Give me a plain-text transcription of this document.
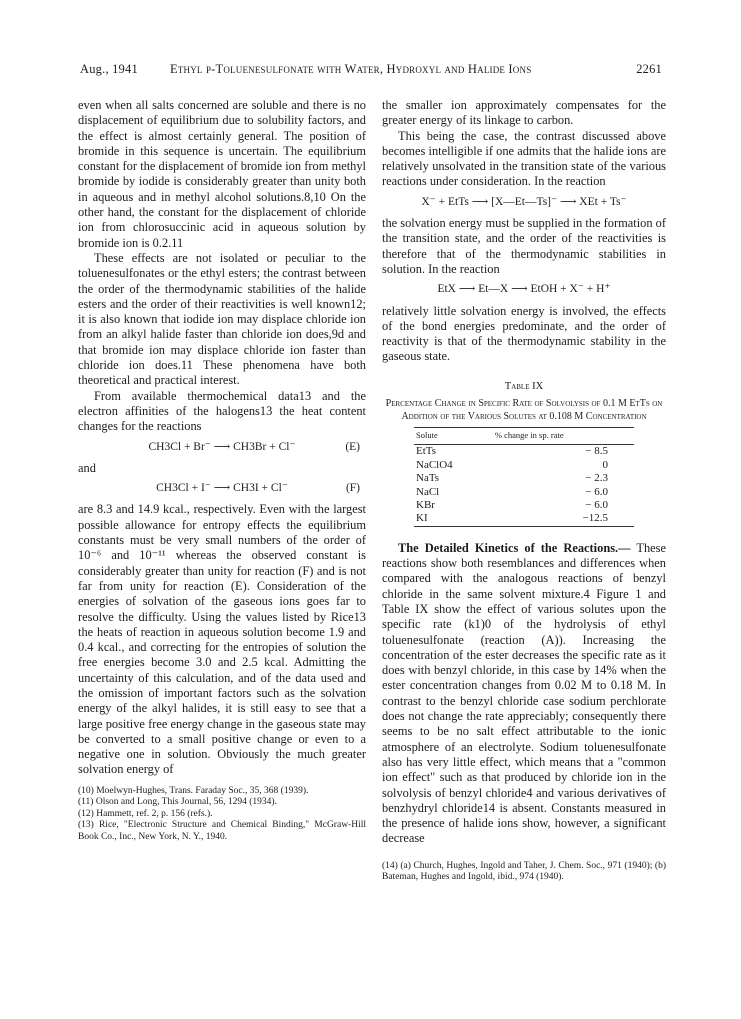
Aug., 1941	Ethyl p-Toluenesulfonate with Water, Hydroxyl and Halide Ions	2261

even when all salts concerned are soluble and there is no displacement of equilibrium due to solubility factors, and the effect is almost certainly general. The position of bromide in this sequence is uncertain. The equilibrium constant for the displacement of bromide ion from methyl bromide by iodide is considerably greater than unity both in aqueous and in methyl alcohol solutions.8,10 On the other hand, the constant for the displacement of chloride ion from chlorosuccinic acid in aqueous solution by bromide ion is 0.2.11

These effects are not isolated or peculiar to the toluenesulfonates or the ethyl esters; the contrast between the order of the thermodynamic stabilities of the halide esters and the order of their reactivities is well known12; it is also known that iodide ion may displace chloride ion from an alkyl halide faster than chloride ion does,9d and that bromide ion may displace chloride ion faster than chloride ion does.11 These phenomena have both theoretical and practical interest.

From available thermochemical data13 and the electron affinities of the halogens13 the heat content changes for the reactions

CH3Cl + Br⁻ ⟶ CH3Br + Cl⁻	(E)

and

CH3Cl + I⁻ ⟶ CH3I + Cl⁻	(F)

are 8.3 and 14.9 kcal., respectively. Even with the largest possible allowance for entropy effects the equilibrium constants must be very small numbers of the order of 10⁻⁶ and 10⁻¹¹ whereas the observed constant is considerably greater than unity for reaction (F) and is not far from unity for reaction (E). Consideration of the energies of solvation of the gaseous ions goes far to resolve the difficulty. Using the values listed by Rice13 the heats of reaction in aqueous solution become 1.9 and 0.4 kcal., and correcting for the entropies of solution the free energies become 3.0 and 2.5 kcal. Admitting the uncertainty of this calculation, and of the data used and the omission of important factors such as the solvation energy of the alkyl halides, it is still easy to see that a large positive free energy change in the gaseous state may be converted to a small positive change or even to a negative one in solution. Obviously the much greater solvation energy of

(10) Moelwyn-Hughes, Trans. Faraday Soc., 35, 368 (1939).
(11) Olson and Long, This Journal, 56, 1294 (1934).
(12) Hammett, ref. 2, p. 156 (refs.).
(13) Rice, "Electronic Structure and Chemical Binding," McGraw-Hill Book Co., Inc., New York, N. Y., 1940.

the smaller ion approximately compensates for the greater energy of its linkage to carbon.

This being the case, the contrast discussed above becomes intelligible if one admits that the halide ions are relatively unsolvated in the transition state of the various reactions under consideration. In the reaction

X⁻ + EtTs ⟶ [X—Et—Ts]⁻ ⟶ XEt + Ts⁻

the solvation energy must be supplied in the formation of the transition state, and the order of the reactivities is therefore that of the thermodynamic stabilities in solution. In the reaction

EtX ⟶ Et—X ⟶ EtOH + X⁻ + H⁺

relatively little solvation energy is involved, the effects of the bond energies predominate, and the order of reactivity is that of the thermodynamic stability in the gaseous state.

Table IX
Percentage Change in Specific Rate of Solvolysis of 0.1 M EtTs on Addition of the Various Solutes at 0.108 M Concentration
Solute	% change in sp. rate
EtTs	− 8.5
NaClO4	0
NaTs	− 2.3
NaCl	− 6.0
KBr	− 6.0
KI	−12.5

The Detailed Kinetics of the Reactions.— These reactions show both resemblances and differences when compared with the analogous reactions of benzyl chloride in the same solvent mixture.4 Figure 1 and Table IX show the effect of various solutes upon the specific rate (k1)0 of the hydrolysis of ethyl toluenesulfonate (reaction (A)). Increasing the concentration of the ester decreases the specific rate as it does with benzyl chloride, in this case by 14% when the ester concentration changes from 0.02 M to 0.18 M. In contrast to the benzyl chloride case sodium perchlorate does not change the rate appreciably; consequently there seems to be no salt effect attributable to the ionic atmosphere of an electrolyte. Sodium toluenesulfonate also has very little effect, which means that a "common ion effect" such as that produced by chloride ion in the solvolysis of benzyl chloride4 and various derivatives of benzhydryl chloride14 is absent. Constants measured in the presence of halide ions show, however, a significant decrease

(14) (a) Church, Hughes, Ingold and Taher, J. Chem. Soc., 971 (1940); (b) Bateman, Hughes and Ingold, ibid., 974 (1940).
